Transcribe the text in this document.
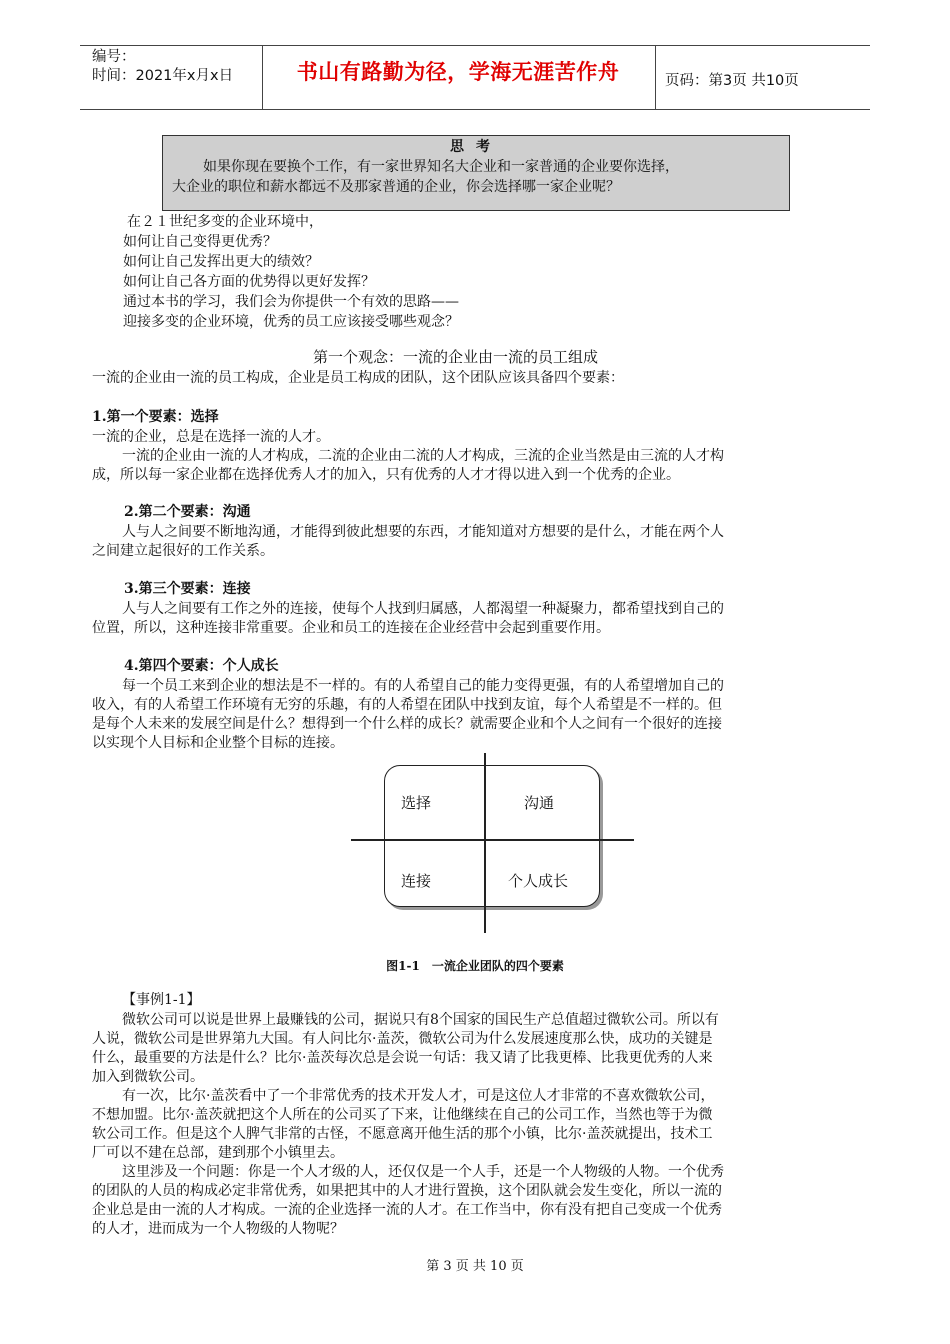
编号：
时间：2021年x月x日	书山有路勤为径，学海无涯苦作舟	页码：第3页 共10页
思考
如果你现在要换个工作，有一家世界知名大企业和一家普通的企业要你选择，
大企业的职位和薪水都远不及那家普通的企业，你会选择哪一家企业呢？
在２１世纪多变的企业环境中，
如何让自己变得更优秀？
如何让自己发挥出更大的绩效？
如何让自己各方面的优势得以更好发挥？
通过本书的学习，我们会为你提供一个有效的思路——
迎接多变的企业环境，优秀的员工应该接受哪些观念？
第一个观念：一流的企业由一流的员工组成
一流的企业由一流的员工构成，企业是员工构成的团队，这个团队应该具备四个要素：
1.第一个要素：选择
一流的企业，总是在选择一流的人才。
一流的企业由一流的人才构成，二流的企业由二流的人才构成，三流的企业当然是由三流的人才构
成，所以每一家企业都在选择优秀人才的加入，只有优秀的人才才得以进入到一个优秀的企业。
2.第二个要素：沟通
人与人之间要不断地沟通，才能得到彼此想要的东西，才能知道对方想要的是什么，才能在两个人
之间建立起很好的工作关系。
3.第三个要素：连接
人与人之间要有工作之外的连接，使每个人找到归属感，人都渴望一种凝聚力，都希望找到自己的
位置，所以，这种连接非常重要。企业和员工的连接在企业经营中会起到重要作用。
4.第四个要素：个人成长
每一个员工来到企业的想法是不一样的。有的人希望自己的能力变得更强，有的人希望增加自己的
收入，有的人希望工作环境有无穷的乐趣，有的人希望在团队中找到友谊，每个人希望是不一样的。但
是每个人未来的发展空间是什么？想得到一个什么样的成长？就需要企业和个人之间有一个很好的连接
以实现个人目标和企业整个目标的连接。
选择	沟通
连接	个人成长
图1-1　一流企业团队的四个要素
【事例1-1】
微软公司可以说是世界上最赚钱的公司，据说只有8个国家的国民生产总值超过微软公司。所以有
人说，微软公司是世界第九大国。有人问比尔·盖茨，微软公司为什么发展速度那么快，成功的关键是
什么，最重要的方法是什么？比尔·盖茨每次总是会说一句话：我又请了比我更棒、比我更优秀的人来
加入到微软公司。
有一次，比尔·盖茨看中了一个非常优秀的技术开发人才，可是这位人才非常的不喜欢微软公司，
不想加盟。比尔·盖茨就把这个人所在的公司买了下来，让他继续在自己的公司工作，当然也等于为微
软公司工作。但是这个人脾气非常的古怪，不愿意离开他生活的那个小镇，比尔·盖茨就提出，技术工
厂可以不建在总部，建到那个小镇里去。
这里涉及一个问题：你是一个人才级的人，还仅仅是一个人手，还是一个人物级的人物。一个优秀
的团队的人员的构成必定非常优秀，如果把其中的人才进行置换，这个团队就会发生变化，所以一流的
企业总是由一流的人才构成。一流的企业选择一流的人才。在工作当中，你有没有把自己变成一个优秀
的人才，进而成为一个人物级的人物呢？
第 3 页 共 10 页
